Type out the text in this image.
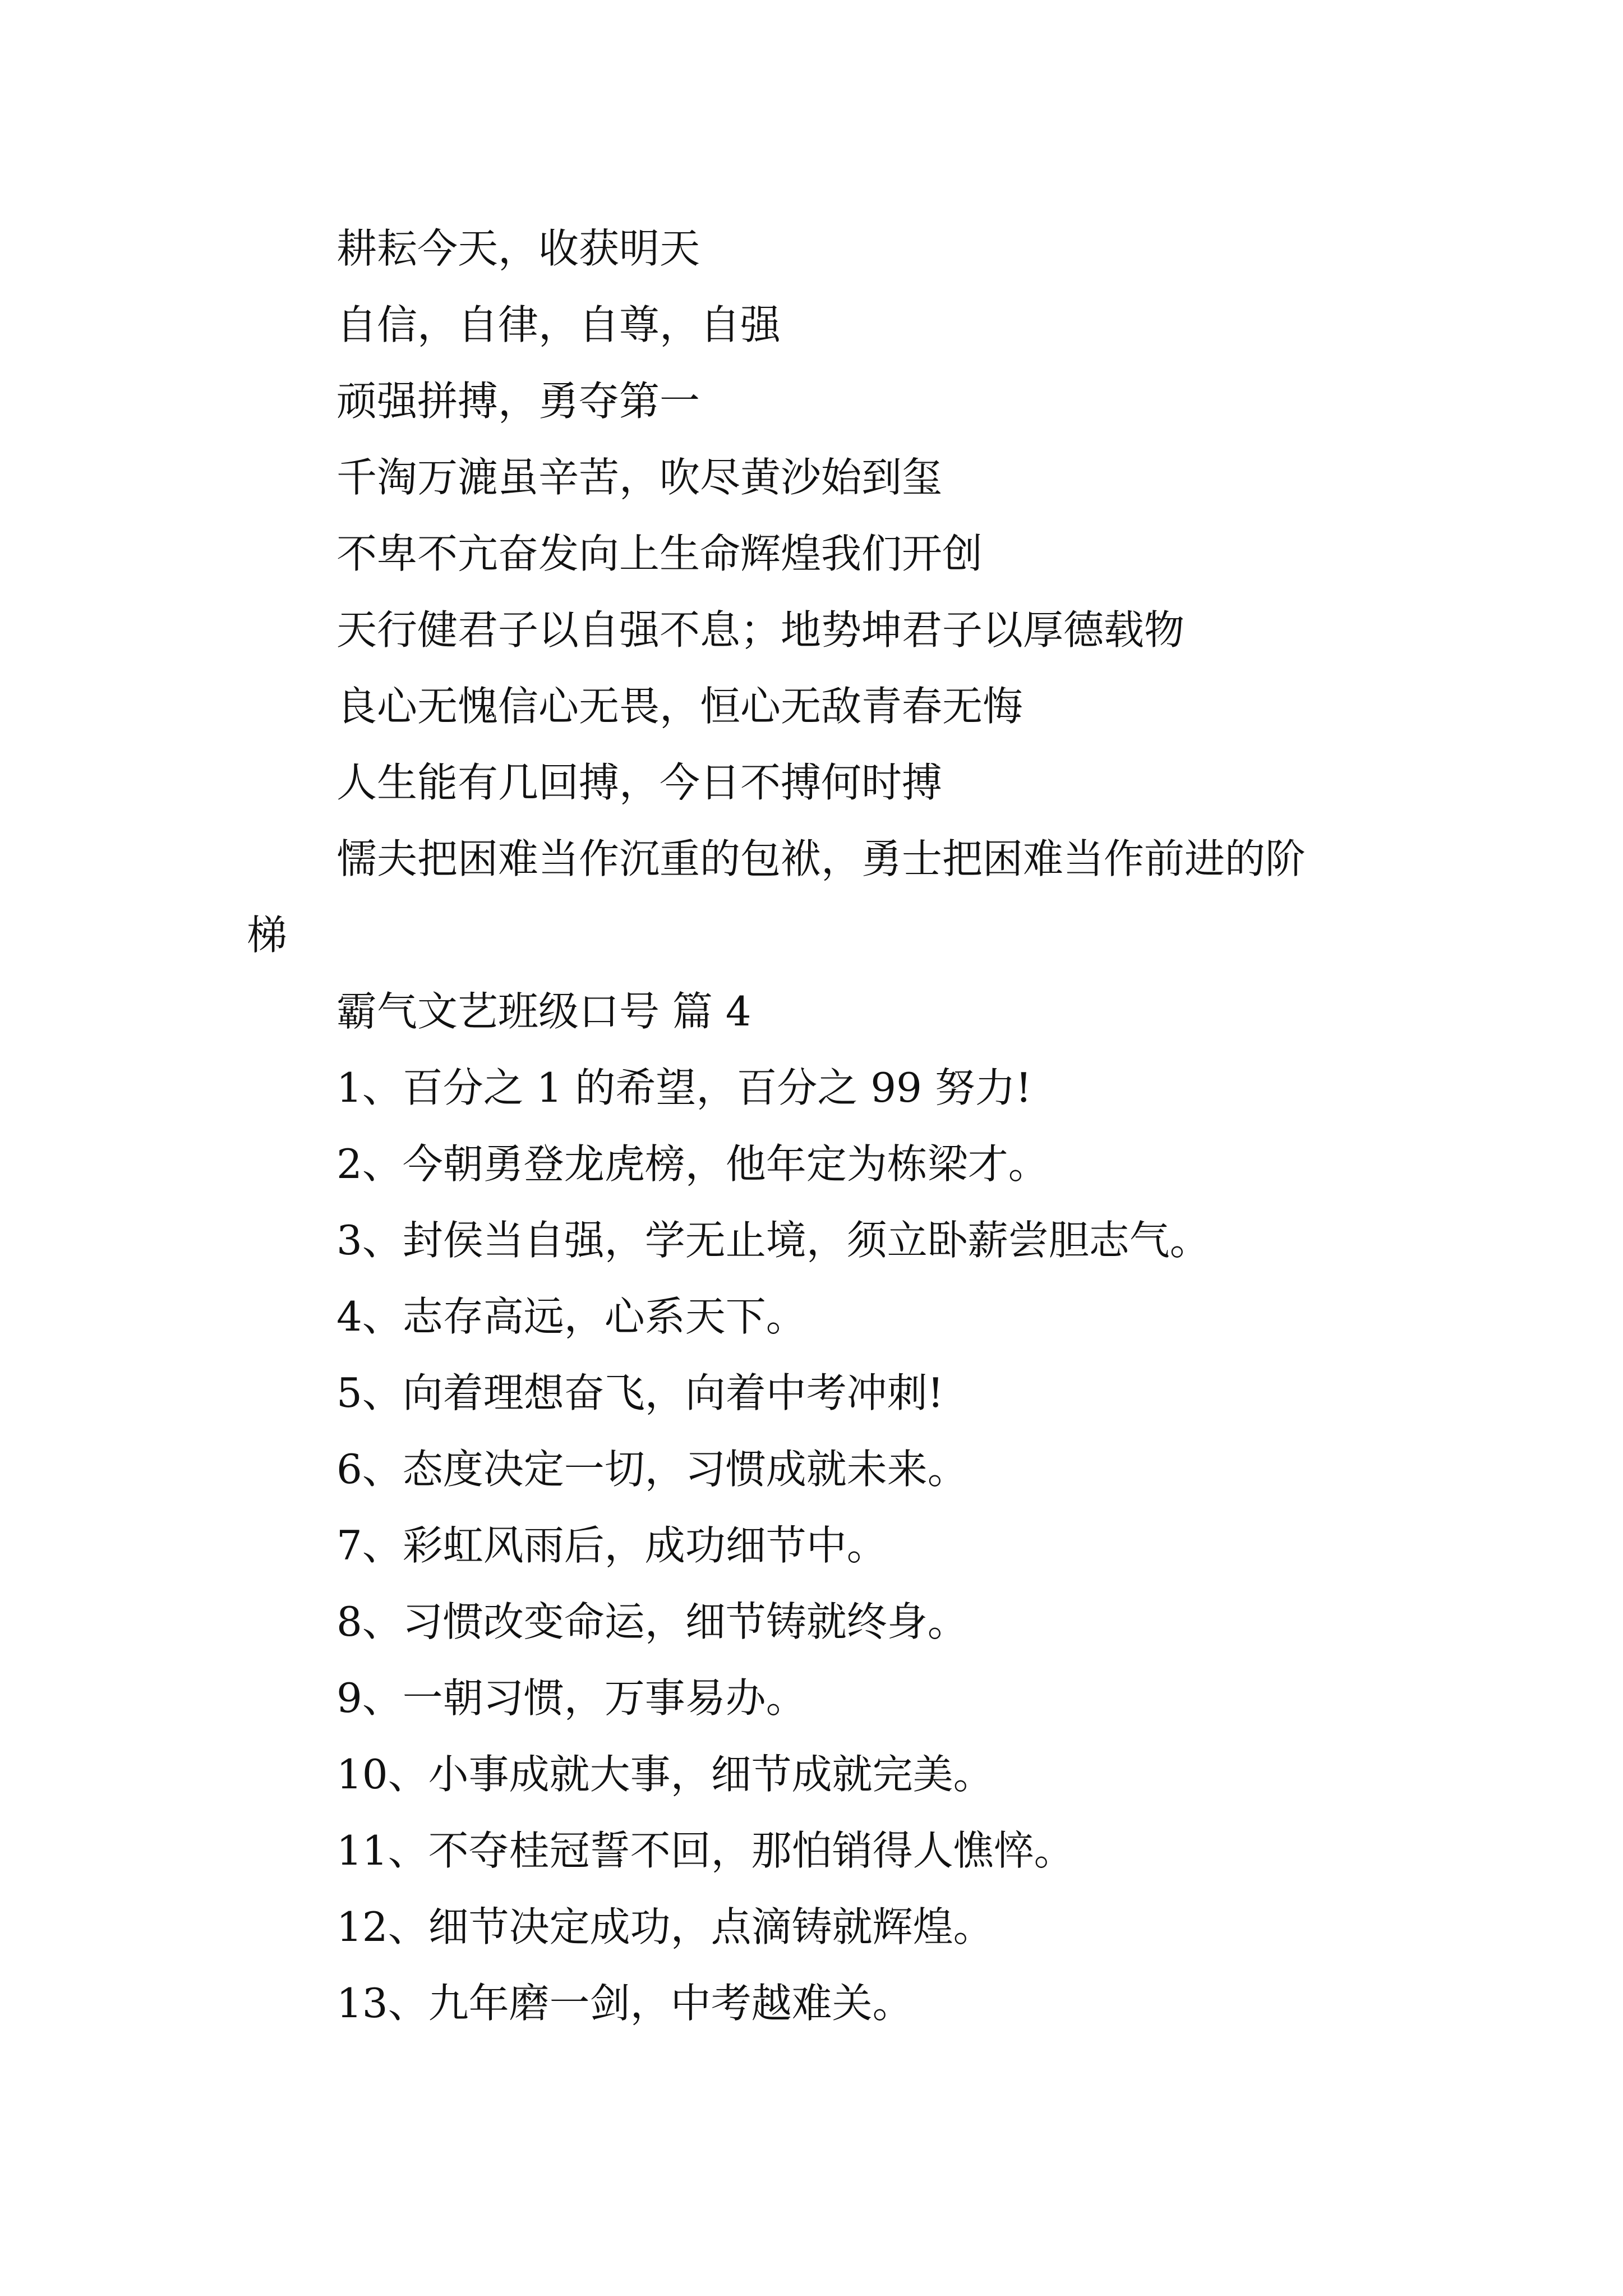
耕耘今天，收获明天

自信，自律，自尊，自强

顽强拼搏，勇夺第一

千淘万漉虽辛苦，吹尽黄沙始到玺

不卑不亢奋发向上生命辉煌我们开创

天行健君子以自强不息；地势坤君子以厚德载物

良心无愧信心无畏，恒心无敌青春无悔

人生能有几回搏，今日不搏何时搏

懦夫把困难当作沉重的包袱，勇士把困难当作前进的阶

梯

霸气文艺班级口号 篇 4

1、百分之 1 的希望，百分之 99 努力!

2、今朝勇登龙虎榜，他年定为栋梁才。

3、封侯当自强，学无止境，须立卧薪尝胆志气。

4、志存高远，心系天下。

5、向着理想奋飞，向着中考冲刺!

6、态度决定一切，习惯成就未来。

7、彩虹风雨后，成功细节中。

8、习惯改变命运，细节铸就终身。

9、一朝习惯，万事易办。

10、小事成就大事，细节成就完美。

11、不夺桂冠誓不回，那怕销得人憔悴。

12、细节决定成功，点滴铸就辉煌。

13、九年磨一剑，中考越难关。
